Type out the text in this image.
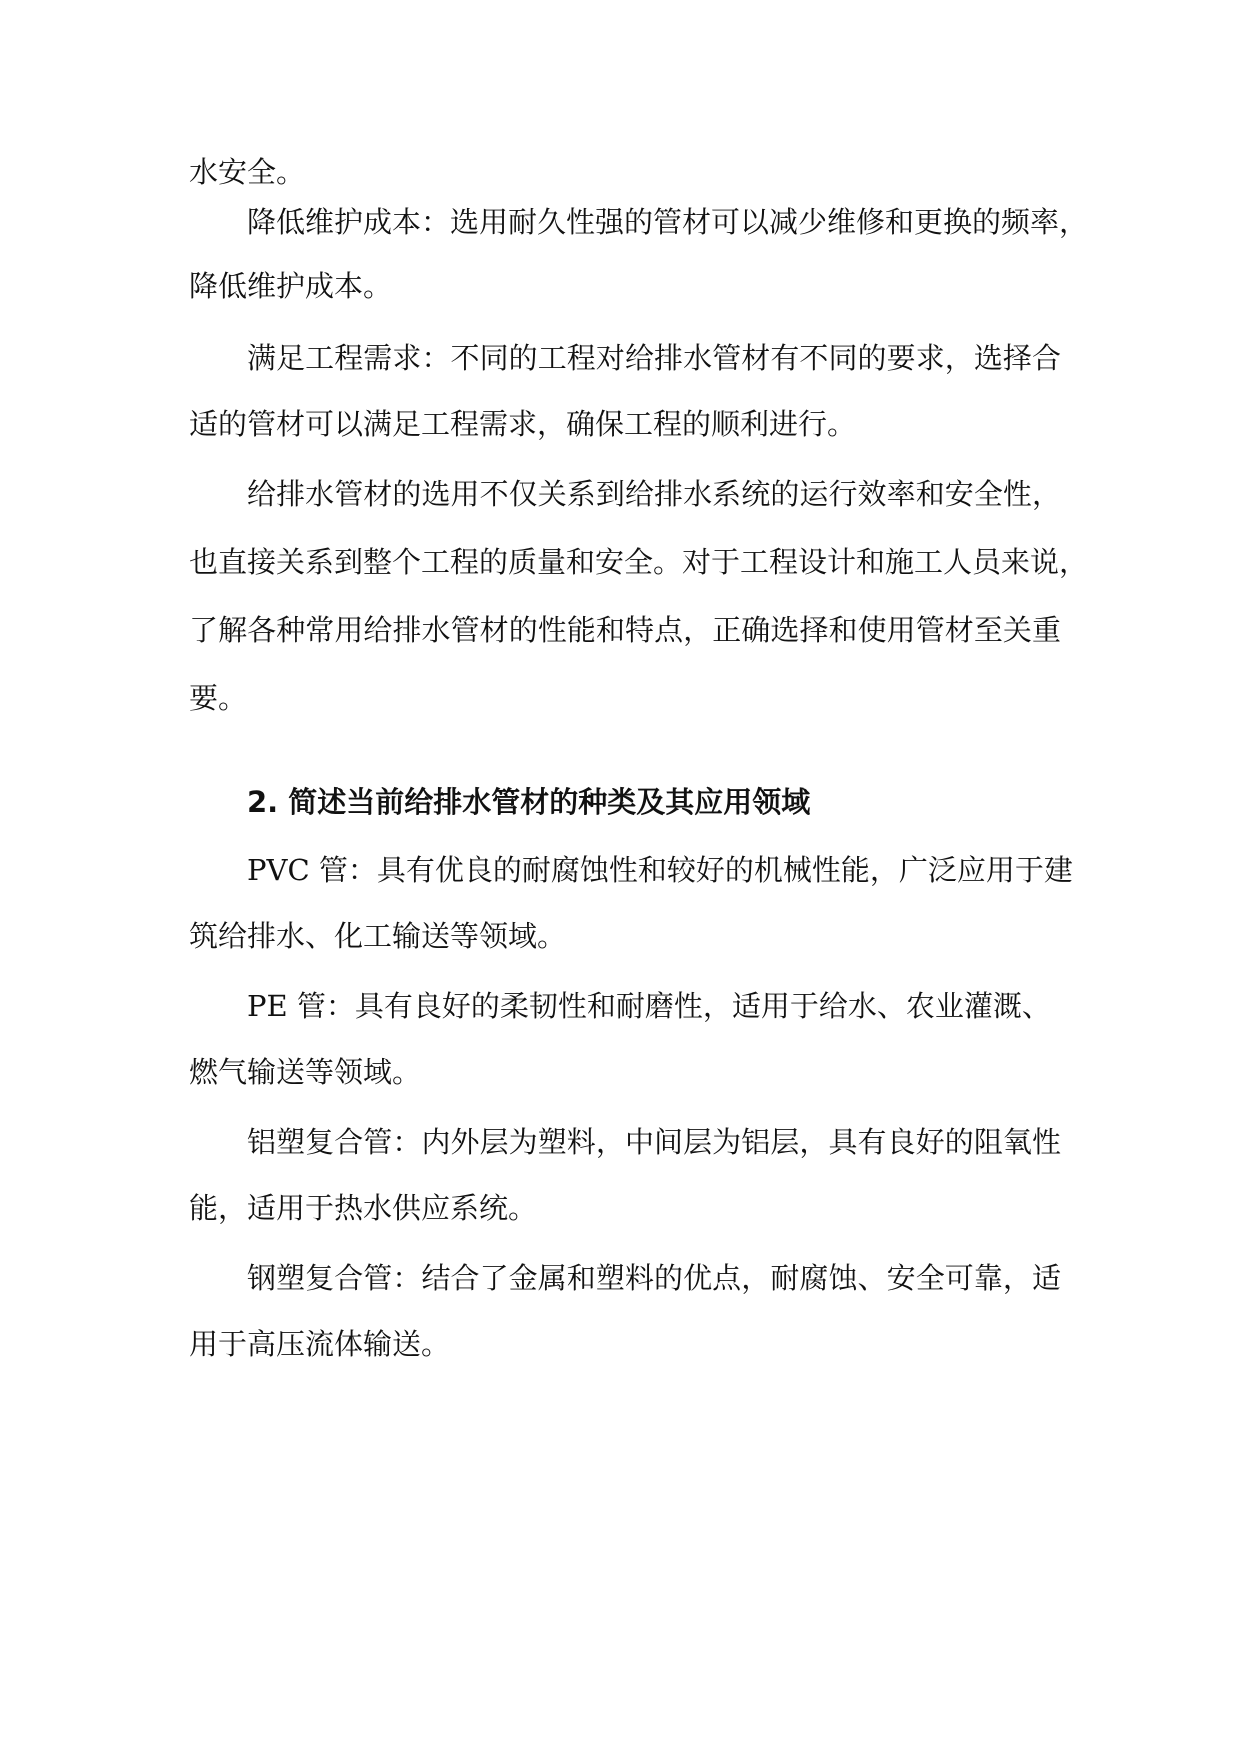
水安全。
降低维护成本：选用耐久性强的管材可以减少维修和更换的频率，
降低维护成本。
满足工程需求：不同的工程对给排水管材有不同的要求，选择合
适的管材可以满足工程需求，确保工程的顺利进行。
给排水管材的选用不仅关系到给排水系统的运行效率和安全性，
也直接关系到整个工程的质量和安全。对于工程设计和施工人员来说，
了解各种常用给排水管材的性能和特点，正确选择和使用管材至关重
要。
2. 简述当前给排水管材的种类及其应用领域
PVC 管：具有优良的耐腐蚀性和较好的机械性能，广泛应用于建
筑给排水、化工输送等领域。
PE 管：具有良好的柔韧性和耐磨性，适用于给水、农业灌溉、
燃气输送等领域。
铝塑复合管：内外层为塑料，中间层为铝层，具有良好的阻氧性
能，适用于热水供应系统。
钢塑复合管：结合了金属和塑料的优点，耐腐蚀、安全可靠，适
用于高压流体输送。
